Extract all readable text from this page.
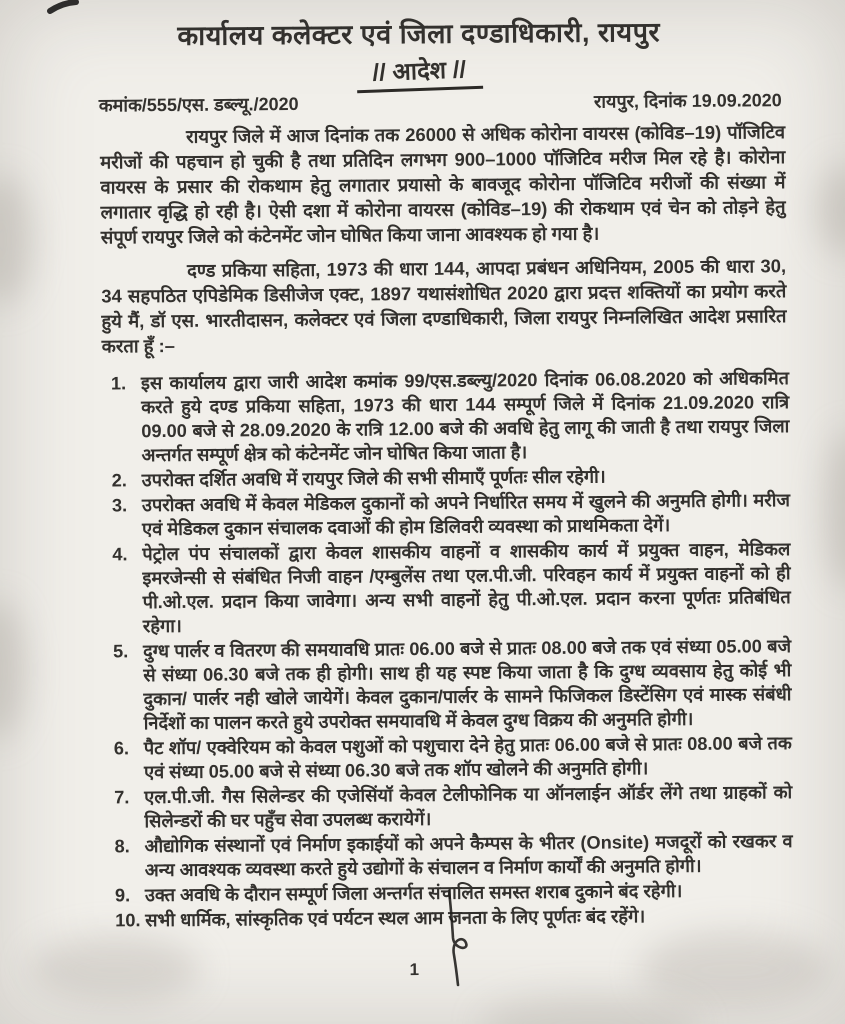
कार्यालय कलेक्टर एवं जिला दण्डाधिकारी, रायपुर
// आदेश //
कमांक/555/एस. डब्ल्यू./2020	रायपुर, दिनांक 19.09.2020

रायपुर जिले में आज दिनांक तक 26000 से अधिक कोरोना वायरस (कोविड–19) पॉजिटिव मरीजों की पहचान हो चुकी है तथा प्रतिदिन लगभग 900–1000 पॉजिटिव मरीज मिल रहे है। कोरोना वायरस के प्रसार की रोकथाम हेतु लगातार प्रयासो के बावजूद कोरोना पॉजिटिव मरीजों की संख्या में लगातार वृद्धि हो रही है। ऐसी दशा में कोरोना वायरस (कोविड–19) की रोकथाम एवं चेन को तोड़ने हेतु संपूर्ण रायपुर जिले को कंटेनमेंट जोन घोषित किया जाना आवश्यक हो गया है।

दण्ड प्रकिया सहिता, 1973 की धारा 144, आपदा प्रबंधन अधिनियम, 2005 की धारा 30, 34 सहपठित एपिडेमिक डिसीजेज एक्ट, 1897 यथासंशोधित 2020 द्वारा प्रदत्त शक्तियों का प्रयोग करते हुये मैं, डॉ एस. भारतीदासन, कलेक्टर एवं जिला दण्डाधिकारी, जिला रायपुर निम्नलिखित आदेश प्रसारित करता हूँ :–

1. इस कार्यालय द्वारा जारी आदेश कमांक 99/एस.डब्ल्यु/2020 दिनांक 06.08.2020 को अधिकमित करते हुये दण्ड प्रकिया सहिता, 1973 की धारा 144 सम्पूर्ण जिले में दिनांक 21.09.2020 रात्रि 09.00 बजे से 28.09.2020 के रात्रि 12.00 बजे की अवधि हेतु लागू की जाती है तथा रायपुर जिला अन्तर्गत सम्पूर्ण क्षेत्र को कंटेनमेंट जोन घोषित किया जाता है।
2. उपरोक्त दर्शित अवधि में रायपुर जिले की सभी सीमाएँ पूर्णतः सील रहेगी।
3. उपरोक्त अवधि में केवल मेडिकल दुकानों को अपने निर्धारित समय में खुलने की अनुमति होगी। मरीज एवं मेडिकल दुकान संचालक दवाओं की होम डिलिवरी व्यवस्था को प्राथमिकता देगें।
4. पेट्रोल पंप संचालकों द्वारा केवल शासकीय वाहनों व शासकीय कार्य में प्रयुक्त वाहन, मेडिकल इमरजेन्सी से संबंधित निजी वाहन /एम्बुलेंस तथा एल.पी.जी. परिवहन कार्य में प्रयुक्त वाहनों को ही पी.ओ.एल. प्रदान किया जावेगा। अन्य सभी वाहनों हेतु पी.ओ.एल. प्रदान करना पूर्णतः प्रतिबंधित रहेगा।
5. दुग्ध पार्लर व वितरण की समयावधि प्रातः 06.00 बजे से प्रातः 08.00 बजे तक एवं संध्या 05.00 बजे से संध्या 06.30 बजे तक ही होगी। साथ ही यह स्पष्ट किया जाता है कि दुग्ध व्यवसाय हेतु कोई भी दुकान/ पार्लर नही खोले जायेगें। केवल दुकान/पार्लर के सामने फिजिकल डिस्टेंसिग एवं मास्क संबंधी निर्देशों का पालन करते हुये उपरोक्त समयावधि में केवल दुग्ध विक्रय की अनुमति होगी।
6. पैट शॉप/ एक्वेरियम को केवल पशुओं को पशुचारा देने हेतु प्रातः 06.00 बजे से प्रातः 08.00 बजे तक एवं संध्या 05.00 बजे से संध्या 06.30 बजे तक शॉप खोलने की अनुमति होगी।
7. एल.पी.जी. गैस सिलेन्डर की एजेसिंयॉ केवल टेलीफोनिक या ऑनलाईन ऑर्डर लेंगे तथा ग्राहकों को सिलेन्डरों की घर पहुँच सेवा उपलब्ध करायेगें।
8. औद्योगिक संस्थानों एवं निर्माण इकाईयों को अपने कैम्पस के भीतर (Onsite) मजदूरों को रखकर व अन्य आवश्यक व्यवस्था करते हुये उद्योगों के संचालन व निर्माण कार्यों की अनुमति होगी।
9. उक्त अवधि के दौरान सम्पूर्ण जिला अन्तर्गत संचालित समस्त शराब दुकाने बंद रहेगी।
10. सभी धार्मिक, सांस्कृतिक एवं पर्यटन स्थल आम जनता के लिए पूर्णतः बंद रहेंगे।
1
